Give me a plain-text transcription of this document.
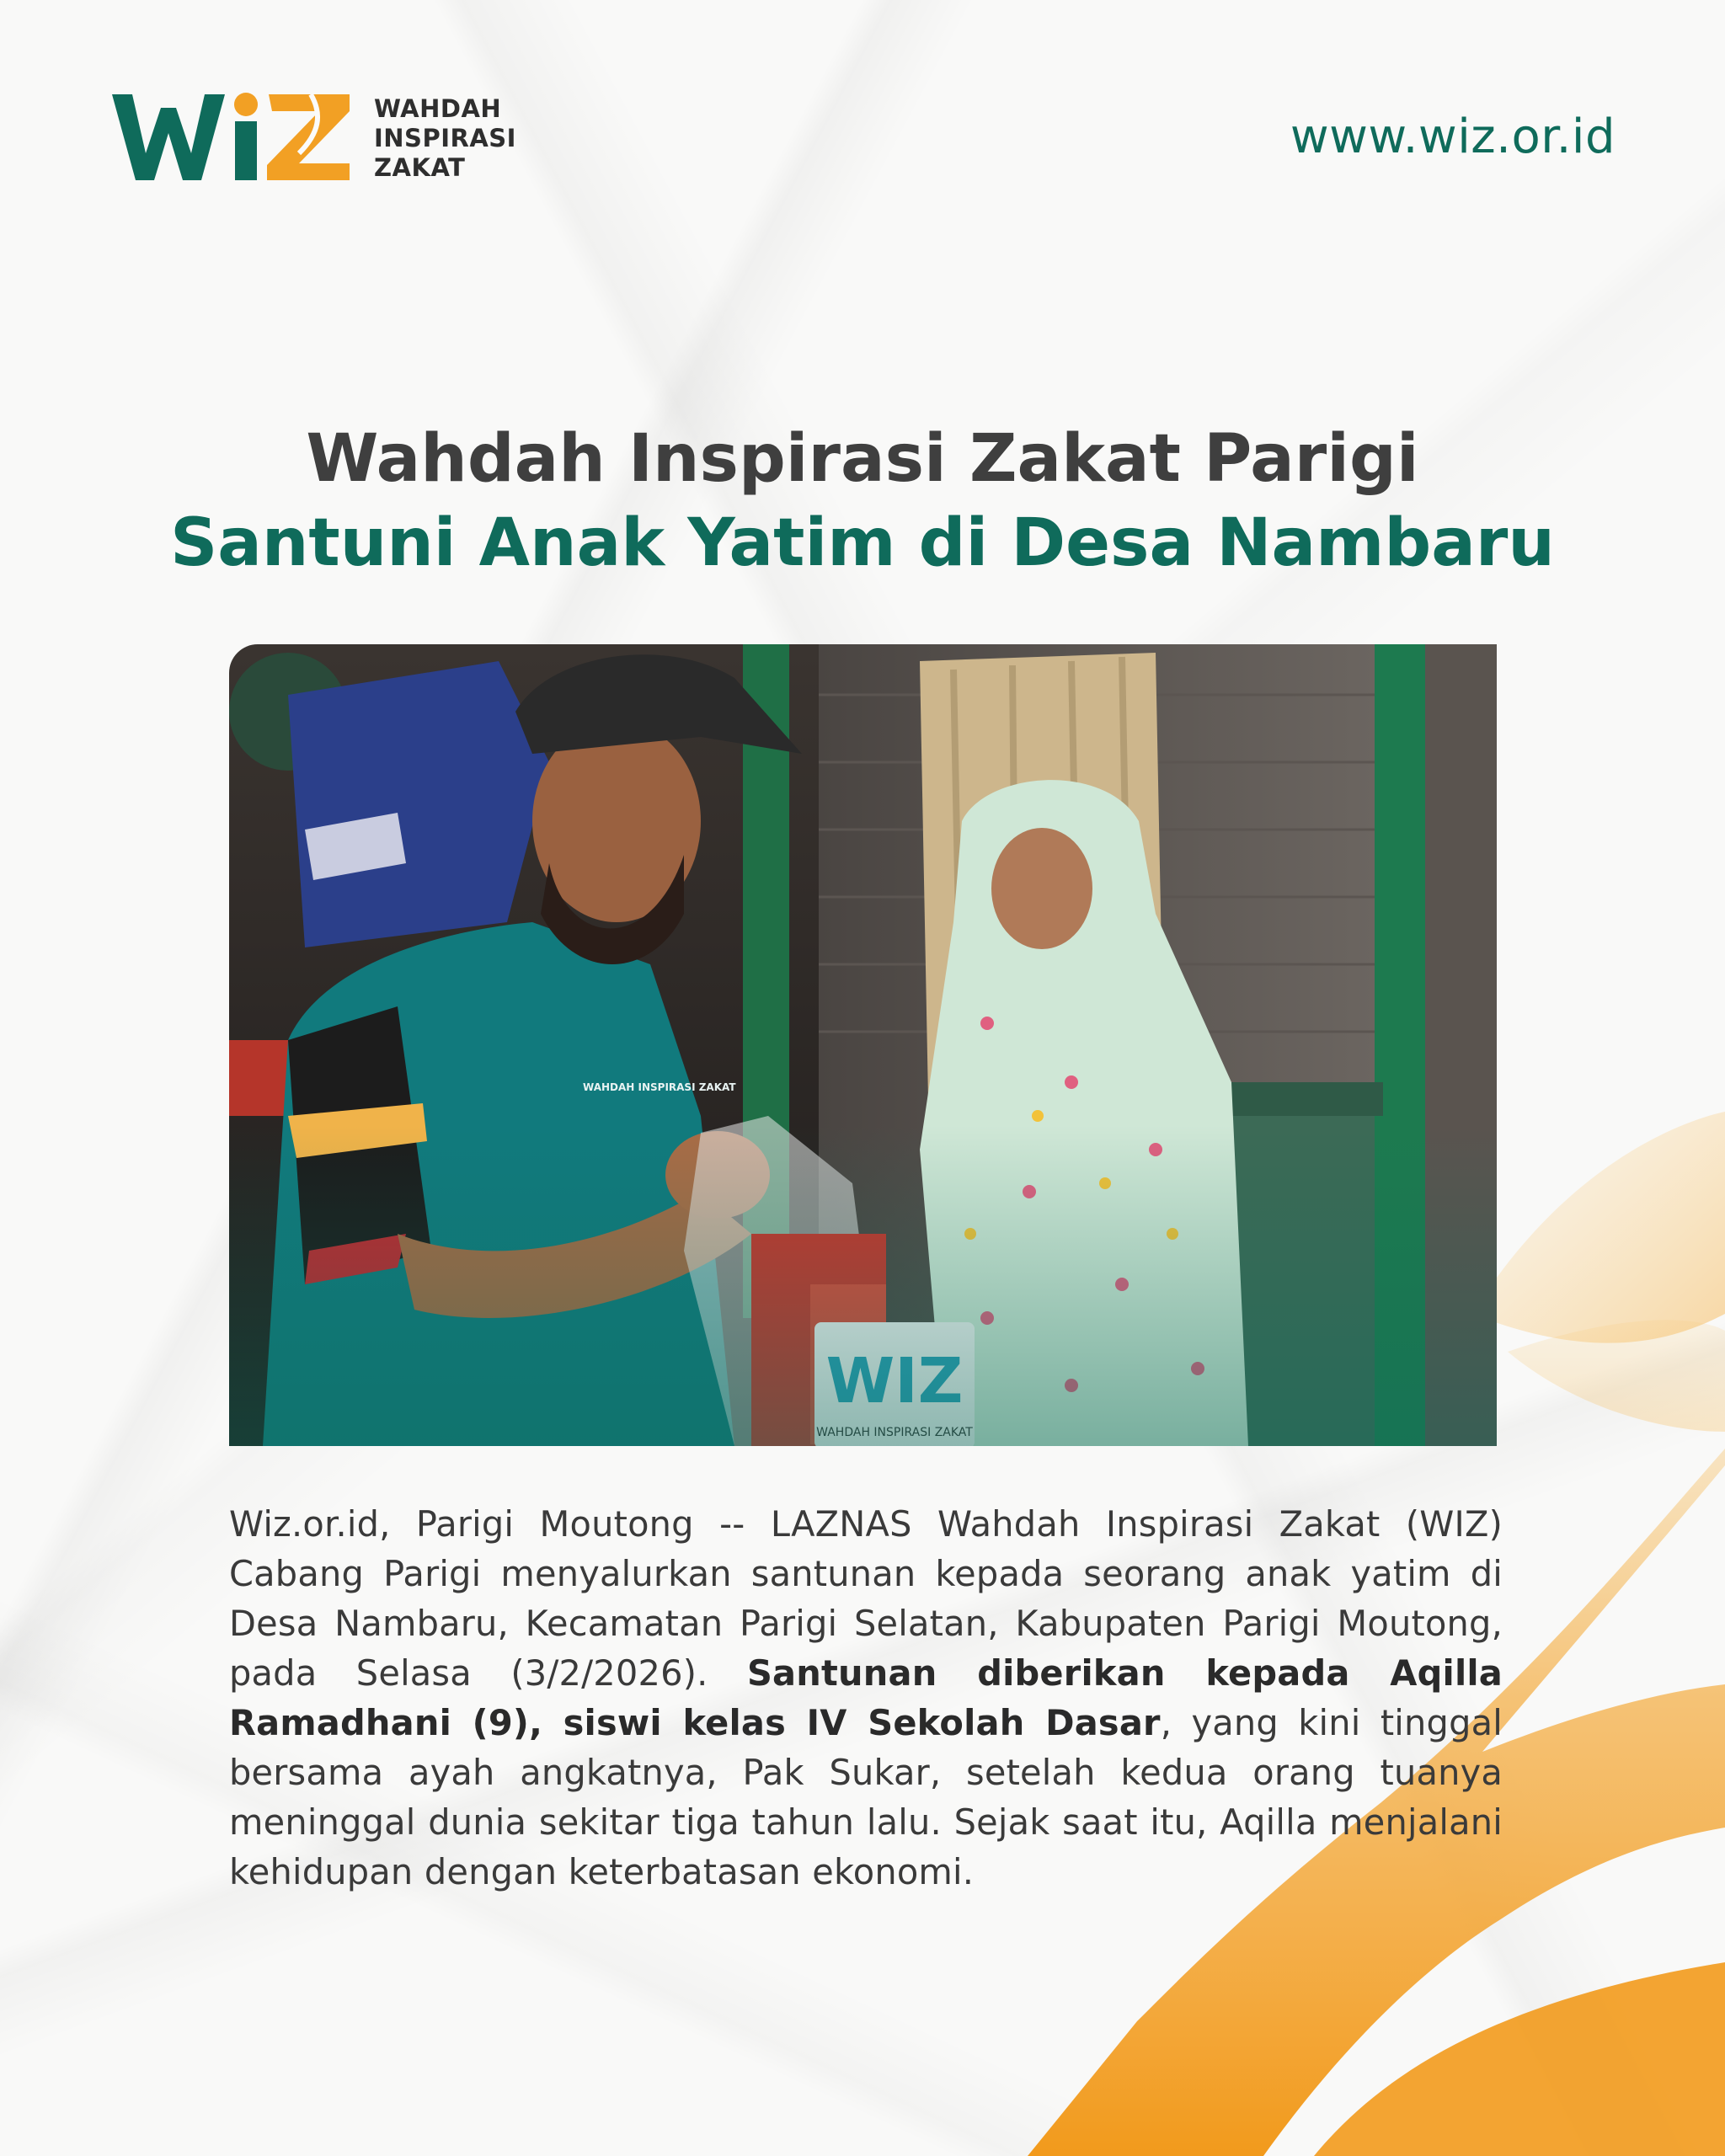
WAHDAH
INSPIRASI
ZAKAT
www.wiz.or.id
Wahdah Inspirasi Zakat Parigi
Santuni Anak Yatim di Desa Nambaru
Wiz.or.id, Parigi Moutong -- LAZNAS Wahdah Inspirasi Zakat (WIZ) Cabang Parigi menyalurkan santunan kepada seorang anak yatim di Desa Nambaru, Kecamatan Parigi Selatan, Kabupaten Parigi Moutong, pada Selasa (3/2/2026). Santunan diberikan kepada Aqilla Ramadhani (9), siswi kelas IV Sekolah Dasar, yang kini tinggal bersama ayah angkatnya, Pak Sukar, setelah kedua orang tuanya meninggal dunia sekitar tiga tahun lalu. Sejak saat itu, Aqilla menjalani kehidupan dengan keterbatasan ekonomi.
